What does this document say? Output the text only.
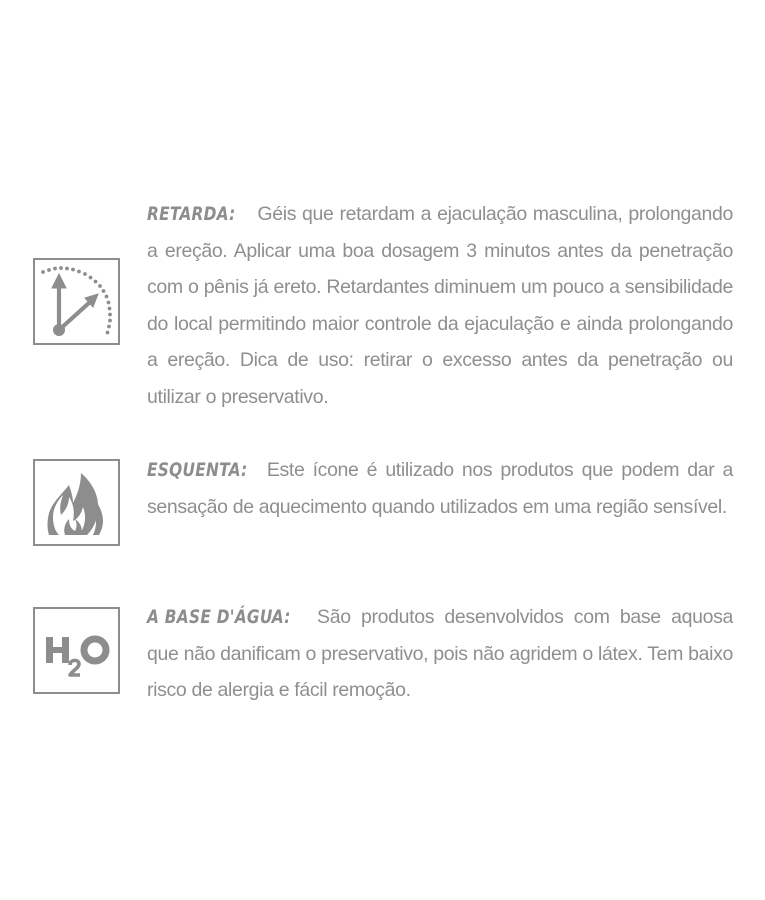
RETARDA: Géis que retardam a ejaculação masculina, prolongando a ereção. Aplicar uma boa dosagem 3 minutos antes da penetração com o pênis já ereto. Retardantes diminuem um pouco a sensibilidade do local permitindo maior controle da ejaculação e ainda prolongando a ereção. Dica de uso: retirar o excesso antes da penetração ou utilizar o preservativo.

ESQUENTA: Este ícone é utilizado nos produtos que podem dar a sensação de aquecimento quando utilizados em uma região sensível.

A BASE D'ÁGUA: São produtos desenvolvidos com base aquosa que não danificam o preservativo, pois não agridem o látex. Tem baixo risco de alergia e fácil remoção.
